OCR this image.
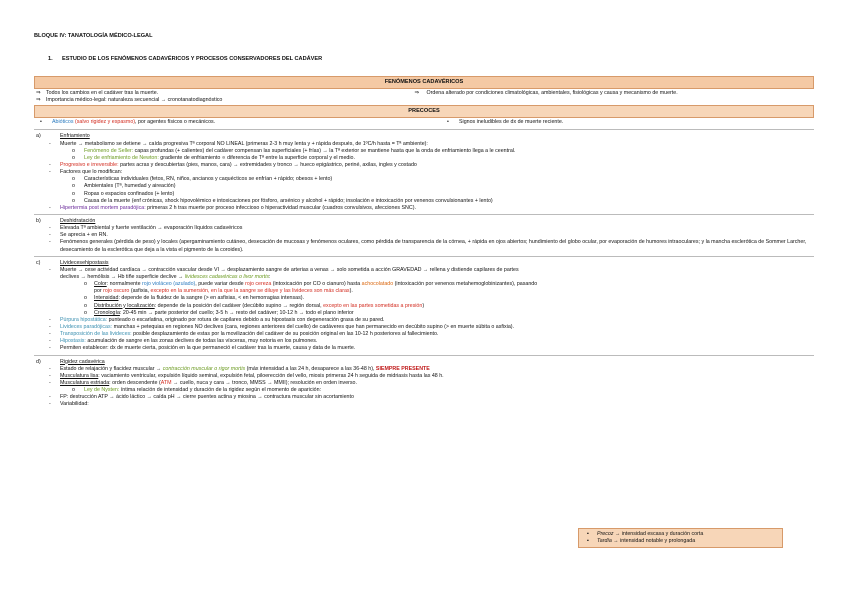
BLOQUE IV: TANATOLOGÍA MÉDICO-LEGAL
1. ESTUDIO DE LOS FENÓMENOS CADAVÉRICOS Y PROCESOS CONSERVADORES DEL CADÁVER
FENÓMENOS CADAVÉRICOS
⇒ Todos los cambios en el cadáver tras la muerte.
⇒ Importancia médico-legal: naturaleza secuencial → cronotanatodiagnóstico
⇒	Ordena alterado por condiciones climatológicas, ambientales, fisiológicas y causa y mecanismo de muerte.
PRECOCES
• Abióticos (salvo rigidez y espasmo), por agentes físicos o mecánicos.	• Signos ineludibles de dx de muerte reciente.
a)	Enfriamiento
- Muerte → metabolismo se detiene → caída progresiva Tª corporal NO LINEAL (primeras 2-3 h muy lenta y + rápida después, de 1ºC/h hasta = Tª ambiente):
o Fenómeno de Seller: capas profundas (+ calientes) del cadáver compensan las superficiales (+ frías) → la Tª exterior se mantiene hasta que la onda de enfriamiento llega a le ceentral.
o Ley de enfriamiento de Newton: gradiente de enfriamiento ∝ diferencia de Tª entre la superficie corporal y el medio.
- Progresivo e irreversible: partes acras y descubiertas (pies, manos, cara) → extremidades y tronco → hueco epigástrico, periné, axilas, ingles y costado
- Factores que lo modifican:
o Características individuales (fetos, RN, niños, ancianos y caquécticos se enfrían + rápido; obesos + lento)
o Ambientales (Tª, humedad y aireación)
o Ropas o espacios confinados (+ lento)
o Causa de la muerte (enf crónicas, shock hipovolémico e intoxicaciones por fósforo, arsénico y alcohol + rápido; insolación e intoxicación por venenos convulsionantes + lento)
- Hipertermia post mortem paradójica: primeras 2 h tras muerte por proceso infeccioso o hiperactividad muscular (cuadros convulsivos, afecciones SNC).
b)	Deshidratación
- Elevada Tª ambiental y fuerte ventilación → evaporación líquidos cadavéricos
- Se aprecia + en RN.
- Fenómenos generales (pérdida de peso) y locales (apergaminamiento cutáneo, desecación de mucosas y fenómenos oculares, como pérdida de transparencia de la córnea, + rápida en ojos abiertos; hundimiento del globo ocular, por evaporación de humores intraoculares; y la mancha esclerótica de Sommer Larcher, desecamiento de la esclerótica que deja a la vista el pigmento de la coroides).
c)	Lividecesehipostasis
- Muerte → cese actividad cardíaca → contracción vascular desde VI → desplazamiento sangre de arterias a venas → solo sometida a acción GRAVEDAD → rellena y distiende capilares de partes
declives → hemólisis → Hb tiñe superficie declive → lividesces cadavéricas o livor mortis:
o Color: normalmente rojo violáceo (azulado), puede variar desde rojo cereza (intoxicación por CO o cianuro) hasta achocolatado (intoxicación por venenos metahemoglobinizantes), pasando
por rojo oscuro (asfixia, excepto en la sumersión, en la que la sangre se diluye y las livideces son más claras).
o Intensidad: depende de la fluidez de la sangre (> en asfixias, < en hemorragias intensas).
o Distribución y localización: depende de la posición del cadáver (decúbito supino → región dorsal, excepto en las partes sometidas a presión)
o Cronología: 20-45 min → parte posterior del cuello; 3-5 h → resto del cadáver; 10-12 h → todo el plano inferior
- Púrpura hipostática: punteado o escarlatina, originado por rotura de capilares debido a su hipostasis con degeneración grasa de su pared.
- Livideces paradójicas: manchas + petequias en regiones NO declives (cara, regiones anteriores del cuello) de cadáveres que han permanecido en decúbito supino (> en muerte súbita o asfixia).
- Transposición de las livideces: posible desplazamiento de estas por la movilización del cadáver de su posición original en las 10-12 h posteriores al fallecimiento.
- Hipostasis: acumulación de sangre en las zonas declives de todas las vísceras, muy notoria en los pulmones.
- Permiten establecer: dx de muerte cierta, posición en la que permaneció el cadáver tras la muerte, causa y data de la muerte.
d)	Rigidez cadavérica
- Estado de relajación y flacidez muscular → contracción muscular o rigor mortis (máx intensidad a las 24 h, desaparece a las 36-48 h), SIEMPRE PRESENTE
- Musculatura lisa: vaciamiento ventricular, expulsión líquido seminal, expulsión fetal, piloerección del vello, miosis primeras 24 h seguida de midriasis hasta las 48 h.
- Musculatura estriada: orden descendente (ATM → cuello, nuca y cara → tronco, MMSS → MMII); resolución en orden inverso.
o Ley de Nysten: íntima relación de intensidad y duración de la rigidez según el momento de aparición:
- FP: destrucción ATP → ácido láctico → caída pH → cierre puentes actina y miosina → contractura muscular sin acortamiento
- Variabilidad:
▪ Precoz → intensidad escasa y duración corta
▪ Tardía → intensidad notable y prolongada
